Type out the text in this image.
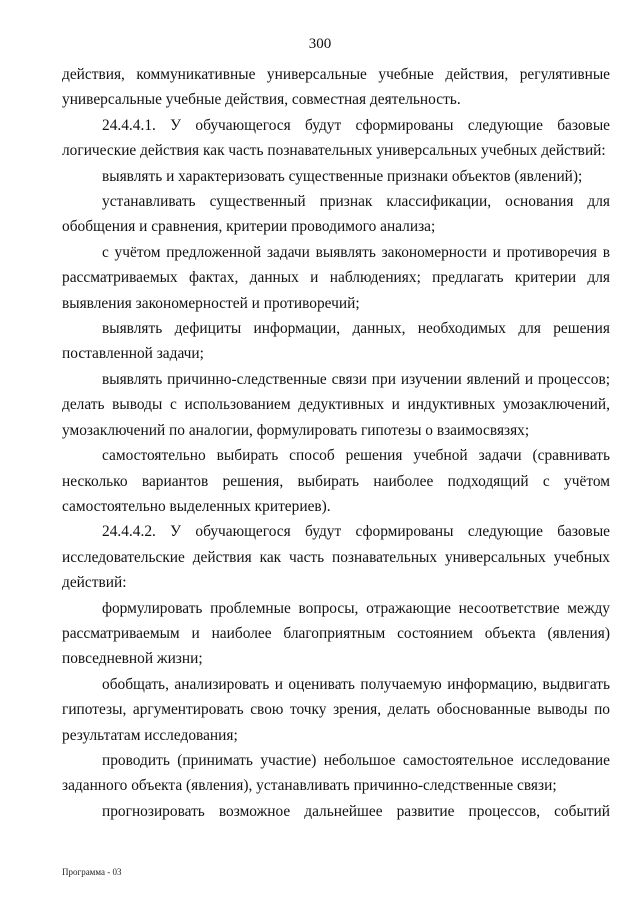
300

действия, коммуникативные универсальные учебные действия, регулятивные универсальные учебные действия, совместная деятельность.

24.4.4.1. У обучающегося будут сформированы следующие базовые логические действия как часть познавательных универсальных учебных действий:

выявлять и характеризовать существенные признаки объектов (явлений);

устанавливать существенный признак классификации, основания для обобщения и сравнения, критерии проводимого анализа;

с учётом предложенной задачи выявлять закономерности и противоречия в рассматриваемых фактах, данных и наблюдениях; предлагать критерии для выявления закономерностей и противоречий;

выявлять дефициты информации, данных, необходимых для решения поставленной задачи;

выявлять причинно-следственные связи при изучении явлений и процессов; делать выводы с использованием дедуктивных и индуктивных умозаключений, умозаключений по аналогии, формулировать гипотезы о взаимосвязях;

самостоятельно выбирать способ решения учебной задачи (сравнивать несколько вариантов решения, выбирать наиболее подходящий с учётом самостоятельно выделенных критериев).

24.4.4.2. У обучающегося будут сформированы следующие базовые исследовательские действия как часть познавательных универсальных учебных действий:

формулировать проблемные вопросы, отражающие несоответствие между рассматриваемым и наиболее благоприятным состоянием объекта (явления) повседневной жизни;

обобщать, анализировать и оценивать получаемую информацию, выдвигать гипотезы, аргументировать свою точку зрения, делать обоснованные выводы по результатам исследования;

проводить (принимать участие) небольшое самостоятельное исследование заданного объекта (явления), устанавливать причинно-следственные связи;

прогнозировать возможное дальнейшее развитие процессов, событий

Программа - 03
